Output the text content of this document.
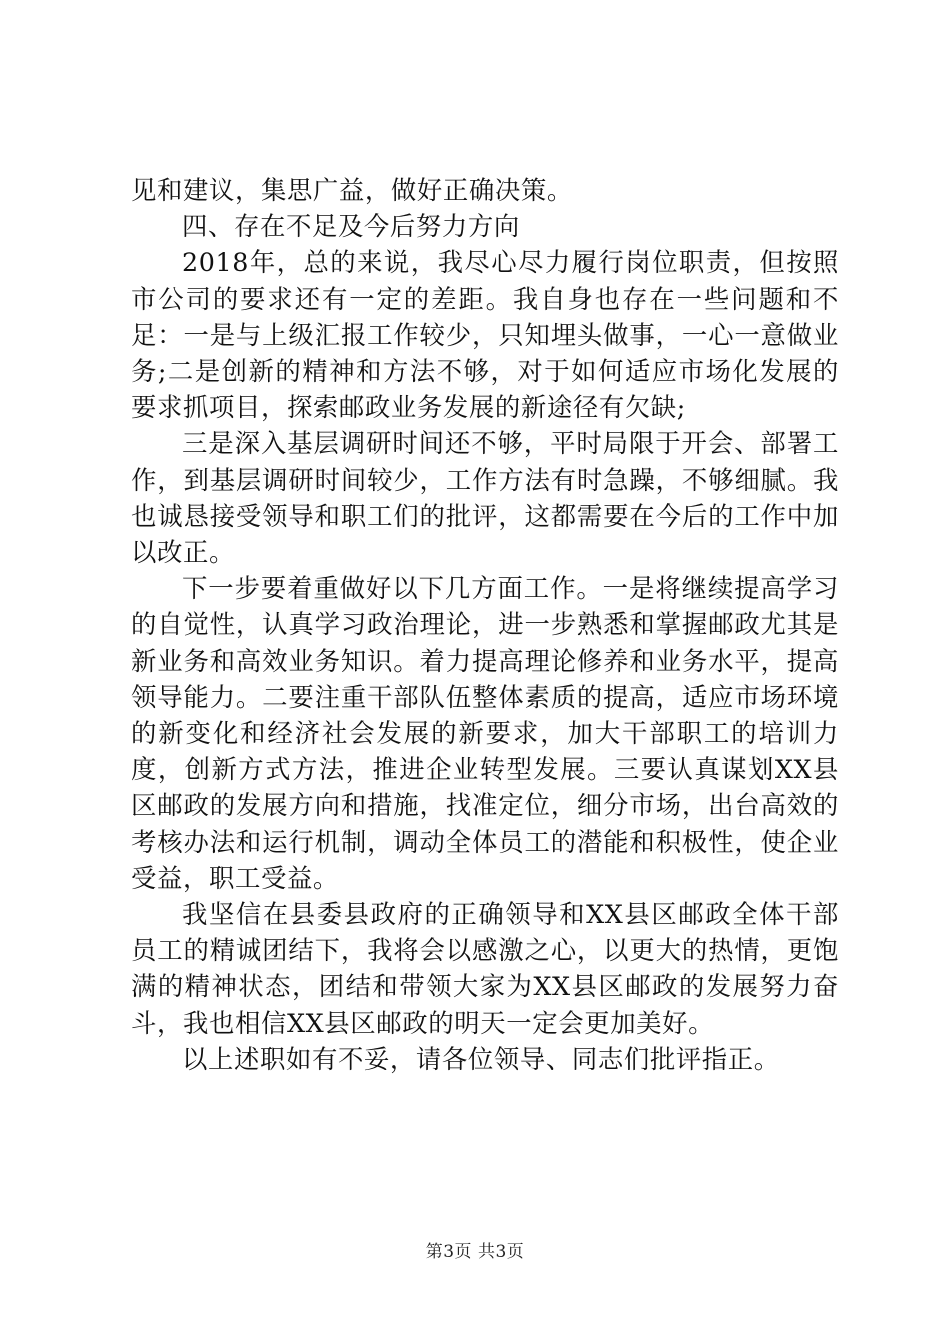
见和建议，集思广益，做好正确决策。

四、存在不足及今后努力方向

2018年，总的来说，我尽心尽力履行岗位职责，但按照市公司的要求还有一定的差距。我自身也存在一些问题和不足：一是与上级汇报工作较少，只知埋头做事，一心一意做业务;二是创新的精神和方法不够，对于如何适应市场化发展的要求抓项目，探索邮政业务发展的新途径有欠缺;

三是深入基层调研时间还不够，平时局限于开会、部署工作，到基层调研时间较少，工作方法有时急躁，不够细腻。我也诚恳接受领导和职工们的批评，这都需要在今后的工作中加以改正。

下一步要着重做好以下几方面工作。一是将继续提高学习的自觉性，认真学习政治理论，进一步熟悉和掌握邮政尤其是新业务和高效业务知识。着力提高理论修养和业务水平，提高领导能力。二要注重干部队伍整体素质的提高，适应市场环境的新变化和经济社会发展的新要求，加大干部职工的培训力度，创新方式方法，推进企业转型发展。三要认真谋划XX县区邮政的发展方向和措施，找准定位，细分市场，出台高效的考核办法和运行机制，调动全体员工的潜能和积极性，使企业受益，职工受益。

我坚信在县委县政府的正确领导和XX县区邮政全体干部员工的精诚团结下，我将会以感激之心，以更大的热情，更饱满的精神状态，团结和带领大家为XX县区邮政的发展努力奋斗，我也相信XX县区邮政的明天一定会更加美好。

以上述职如有不妥，请各位领导、同志们批评指正。

第3页 共3页
